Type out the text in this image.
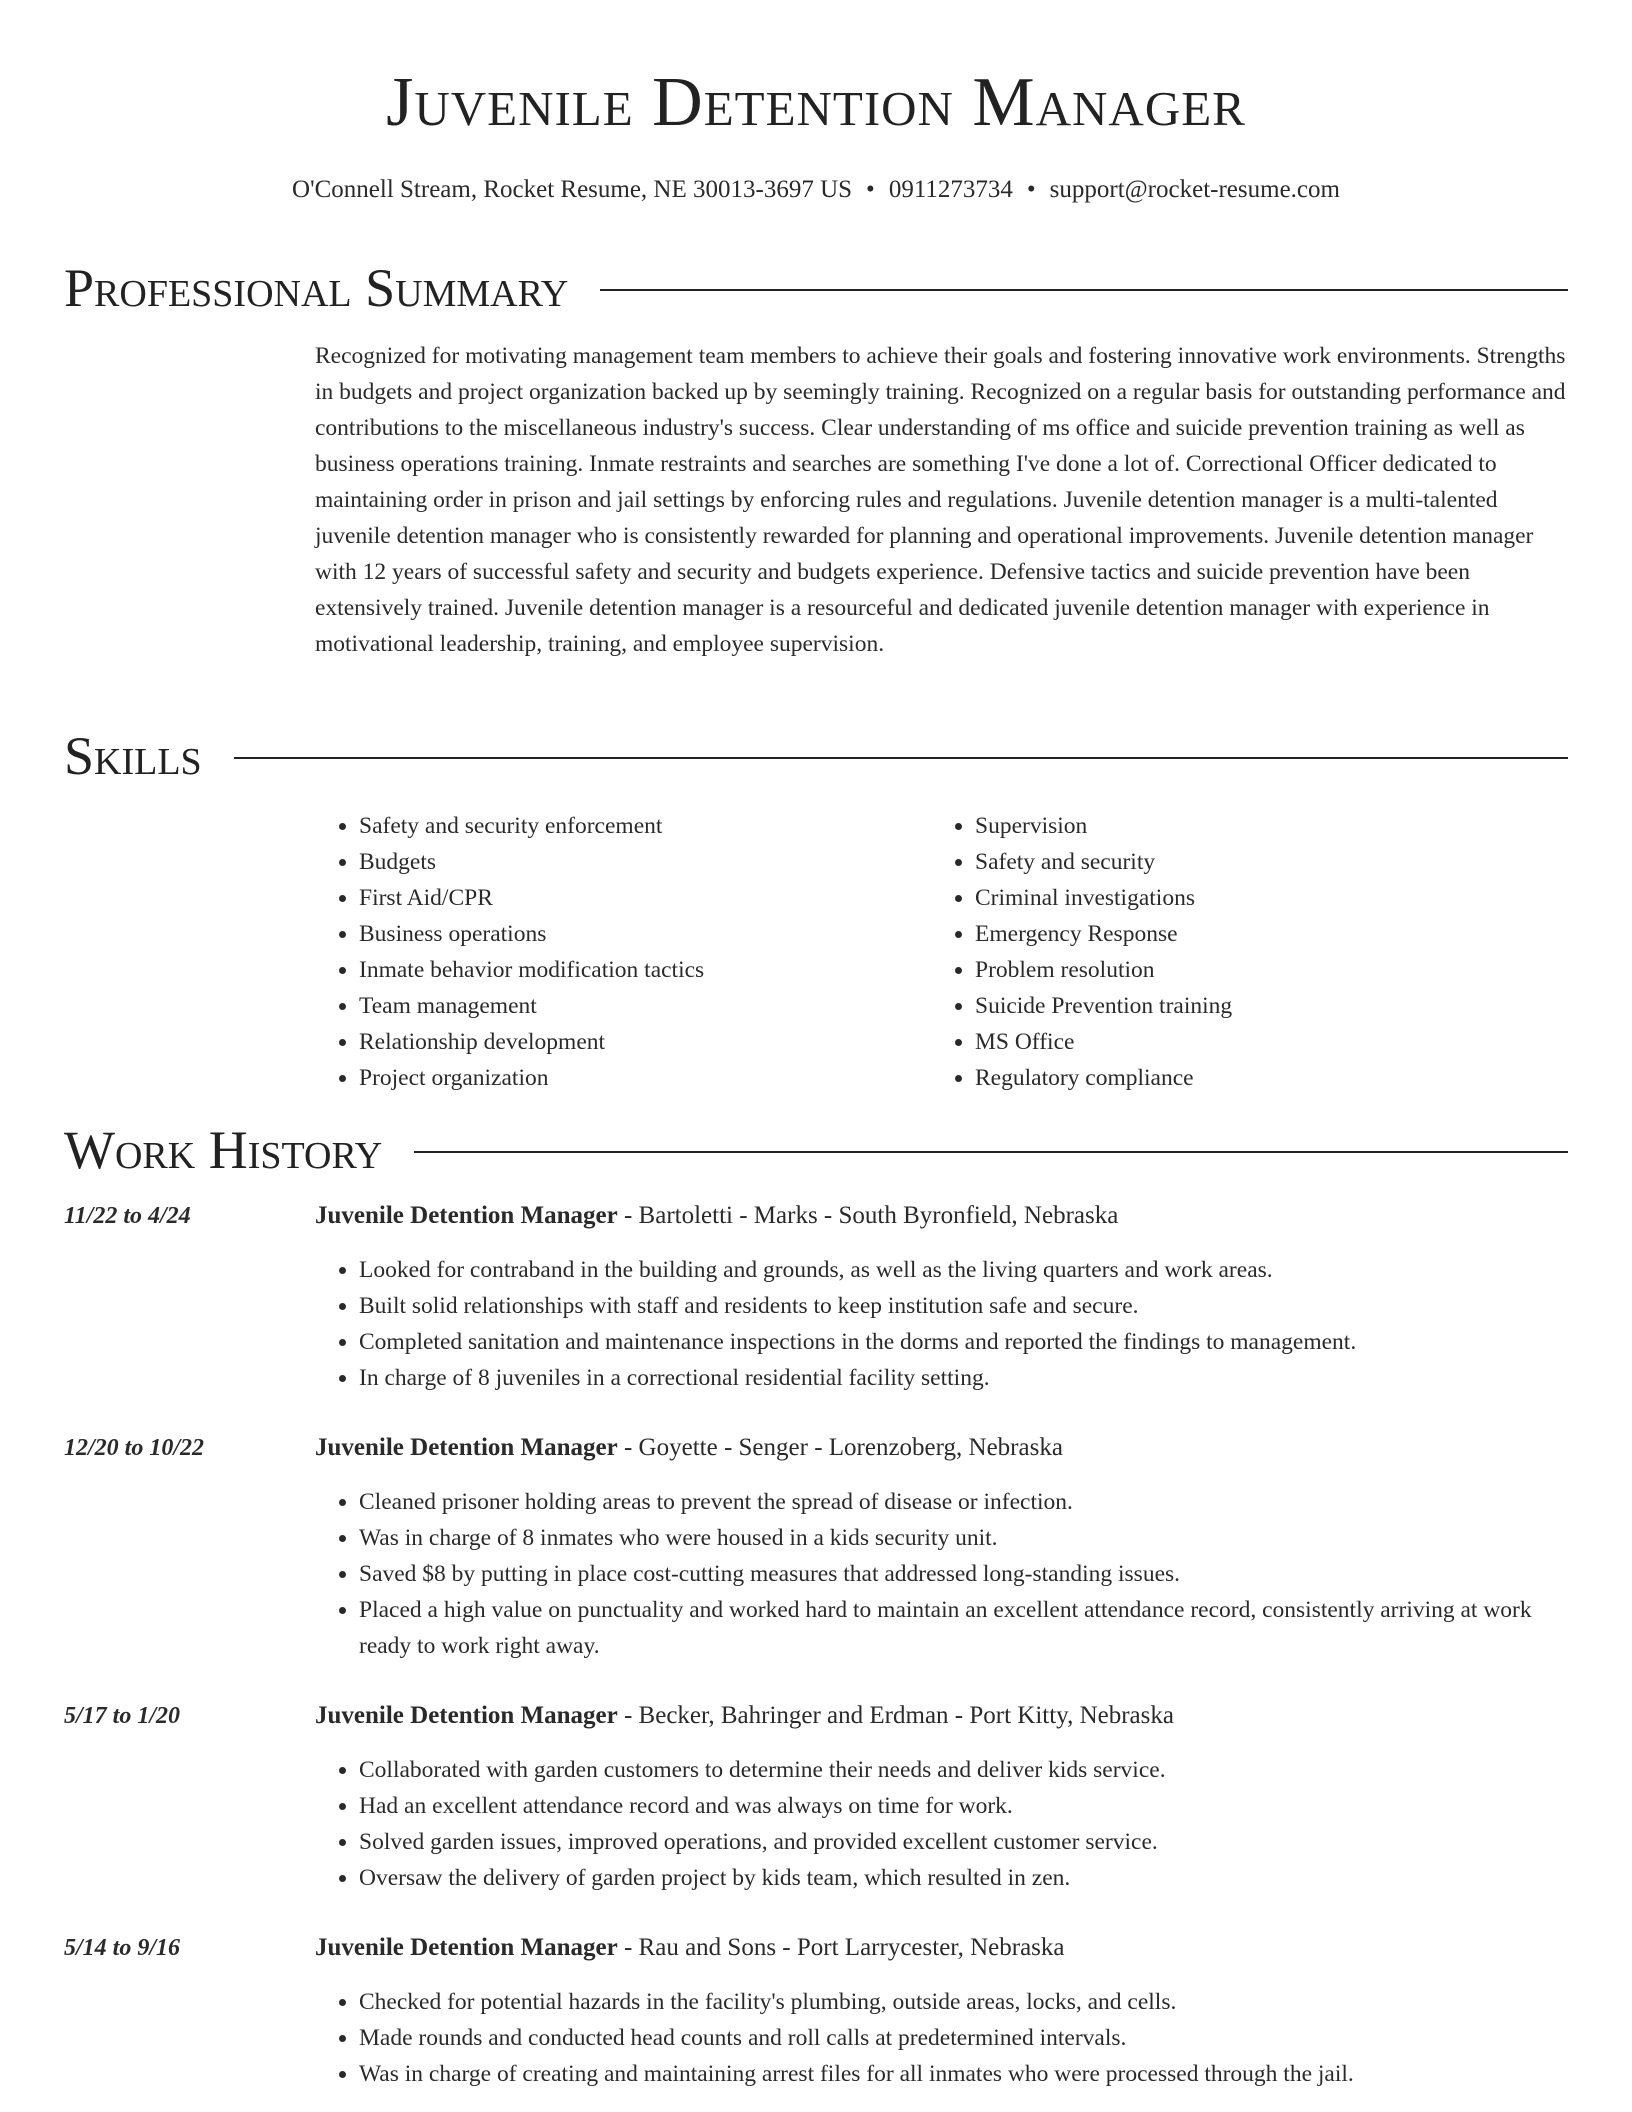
Juvenile Detention Manager
O'Connell Stream, Rocket Resume, NE 30013-3697 US • 0911273734 • support@rocket-resume.com
Professional Summary

Recognized for motivating management team members to achieve their goals and fostering innovative work environments. Strengths in budgets and project organization backed up by seemingly training. Recognized on a regular basis for outstanding performance and contributions to the miscellaneous industry's success. Clear understanding of ms office and suicide prevention training as well as business operations training. Inmate restraints and searches are something I've done a lot of. Correctional Officer dedicated to maintaining order in prison and jail settings by enforcing rules and regulations. Juvenile detention manager is a multi-talented juvenile detention manager who is consistently rewarded for planning and operational improvements. Juvenile detention manager with 12 years of successful safety and security and budgets experience. Defensive tactics and suicide prevention have been extensively trained. Juvenile detention manager is a resourceful and dedicated juvenile detention manager with experience in motivational leadership, training, and employee supervision.

Skills
• Safety and security enforcement
• Budgets
• First Aid/CPR
• Business operations
• Inmate behavior modification tactics
• Team management
• Relationship development
• Project organization
• Supervision
• Safety and security
• Criminal investigations
• Emergency Response
• Problem resolution
• Suicide Prevention training
• MS Office
• Regulatory compliance
Work History
11/22 to 4/24	Juvenile Detention Manager - Bartoletti - Marks - South Byronfield, Nebraska
• Looked for contraband in the building and grounds, as well as the living quarters and work areas.
• Built solid relationships with staff and residents to keep institution safe and secure.
• Completed sanitation and maintenance inspections in the dorms and reported the findings to management.
• In charge of 8 juveniles in a correctional residential facility setting.
12/20 to 10/22	Juvenile Detention Manager - Goyette - Senger - Lorenzoberg, Nebraska
• Cleaned prisoner holding areas to prevent the spread of disease or infection.
• Was in charge of 8 inmates who were housed in a kids security unit.
• Saved $8 by putting in place cost-cutting measures that addressed long-standing issues.
• Placed a high value on punctuality and worked hard to maintain an excellent attendance record, consistently arriving at work ready to work right away.
5/17 to 1/20	Juvenile Detention Manager - Becker, Bahringer and Erdman - Port Kitty, Nebraska
• Collaborated with garden customers to determine their needs and deliver kids service.
• Had an excellent attendance record and was always on time for work.
• Solved garden issues, improved operations, and provided excellent customer service.
• Oversaw the delivery of garden project by kids team, which resulted in zen.
5/14 to 9/16	Juvenile Detention Manager - Rau and Sons - Port Larrycester, Nebraska
• Checked for potential hazards in the facility's plumbing, outside areas, locks, and cells.
• Made rounds and conducted head counts and roll calls at predetermined intervals.
• Was in charge of creating and maintaining arrest files for all inmates who were processed through the jail.
